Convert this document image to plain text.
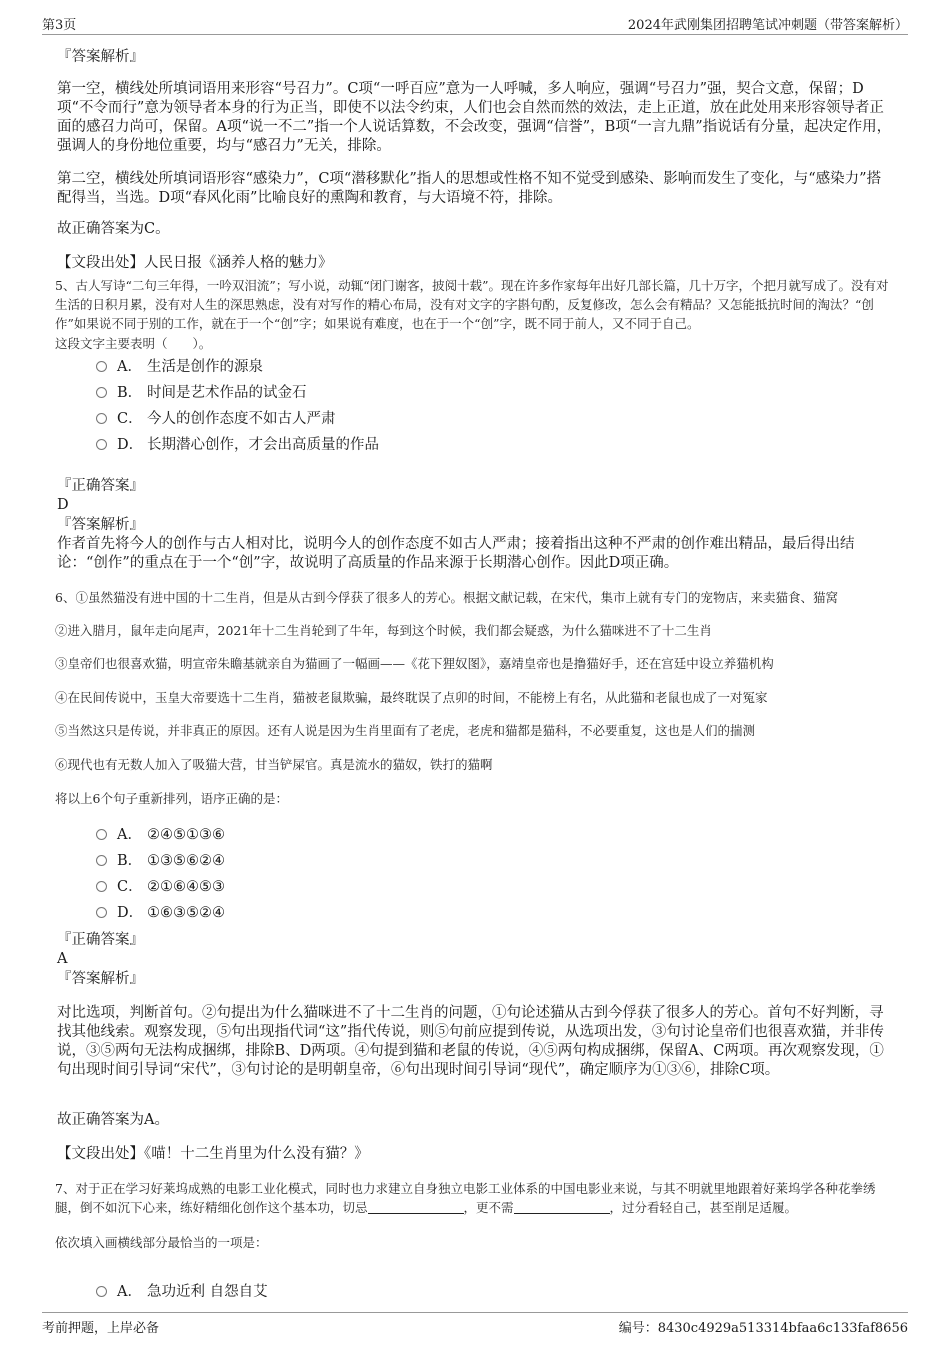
第3页	2024年武刚集团招聘笔试冲刺题（带答案解析）
『答案解析』
第一空，横线处所填词语用来形容“号召力”。C项“一呼百应”意为一人呼喊，多人响应，强调“号召力”强，契合文意，保留；D项“不令而行”意为领导者本身的行为正当，即使不以法令约束，人们也会自然而然的效法，走上正道，放在此处用来形容领导者正面的感召力尚可，保留。A项“说一不二”指一个人说话算数，不会改变，强调“信誉”，B项“一言九鼎”指说话有分量，起决定作用，强调人的身份地位重要，均与“感召力”无关，排除。
第二空，横线处所填词语形容“感染力”，C项“潜移默化”指人的思想或性格不知不觉受到感染、影响而发生了变化，与“感染力”搭配得当，当选。D项“春风化雨”比喻良好的熏陶和教育，与大语境不符，排除。
故正确答案为C。
【文段出处】人民日报《涵养人格的魅力》
5、古人写诗“二句三年得，一吟双泪流”；写小说，动辄“闭门谢客，披阅十载”。现在许多作家每年出好几部长篇，几十万字，个把月就写成了。没有对生活的日积月累，没有对人生的深思熟虑，没有对写作的精心布局，没有对文字的字斟句酌，反复修改，怎么会有精品？又怎能抵抗时间的淘汰？“创作”如果说不同于别的工作，就在于一个“创”字；如果说有难度，也在于一个“创”字，既不同于前人，又不同于自己。
这段文字主要表明（　　）。
A． 生活是创作的源泉
B． 时间是艺术作品的试金石
C． 今人的创作态度不如古人严肃
D． 长期潜心创作，才会出高质量的作品
『正确答案』
D
『答案解析』
作者首先将今人的创作与古人相对比，说明今人的创作态度不如古人严肃；接着指出这种不严肃的创作难出精品，最后得出结论：“创作”的重点在于一个“创”字，故说明了高质量的作品来源于长期潜心创作。因此D项正确。
6、①虽然猫没有进中国的十二生肖，但是从古到今俘获了很多人的芳心。根据文献记载，在宋代，集市上就有专门的宠物店，来卖猫食、猫窝
②进入腊月，鼠年走向尾声，2021年十二生肖轮到了牛年，每到这个时候，我们都会疑惑，为什么猫咪进不了十二生肖
③皇帝们也很喜欢猫，明宣帝朱瞻基就亲自为猫画了一幅画——《花下狸奴图》，嘉靖皇帝也是撸猫好手，还在宫廷中设立养猫机构
④在民间传说中，玉皇大帝要选十二生肖，猫被老鼠欺骗，最终耽误了点卯的时间，不能榜上有名，从此猫和老鼠也成了一对冤家
⑤当然这只是传说，并非真正的原因。还有人说是因为生肖里面有了老虎，老虎和猫都是猫科，不必要重复，这也是人们的揣测
⑥现代也有无数人加入了吸猫大营，甘当铲屎官。真是流水的猫奴，铁打的猫啊
将以上6个句子重新排列，语序正确的是：
A． ②④⑤①③⑥
B． ①③⑤⑥②④
C． ②①⑥④⑤③
D． ①⑥③⑤②④
『正确答案』
A
『答案解析』
对比选项，判断首句。②句提出为什么猫咪进不了十二生肖的问题，①句论述猫从古到今俘获了很多人的芳心。首句不好判断，寻找其他线索。观察发现，⑤句出现指代词“这”指代传说，则⑤句前应提到传说，从选项出发，③句讨论皇帝们也很喜欢猫，并非传说，③⑤两句无法构成捆绑，排除B、D两项。④句提到猫和老鼠的传说，④⑤两句构成捆绑，保留A、C两项。再次观察发现，①句出现时间引导词“宋代”，③句讨论的是明朝皇帝，⑥句出现时间引导词“现代”，确定顺序为①③⑥，排除C项。
故正确答案为A。
【文段出处】《喵！十二生肖里为什么没有猫？》
7、对于正在学习好莱坞成熟的电影工业化模式，同时也力求建立自身独立电影工业体系的中国电影业来说，与其不明就里地跟着好莱坞学各种花拳绣腿，倒不如沉下心来，练好精细化创作这个基本功，切忌	，更不需	，过分看轻自己，甚至削足适履。
依次填入画横线部分最恰当的一项是：
A． 急功近利 自怨自艾
考前押题，上岸必备	编号：8430c4929a513314bfaa6c133faf8656
